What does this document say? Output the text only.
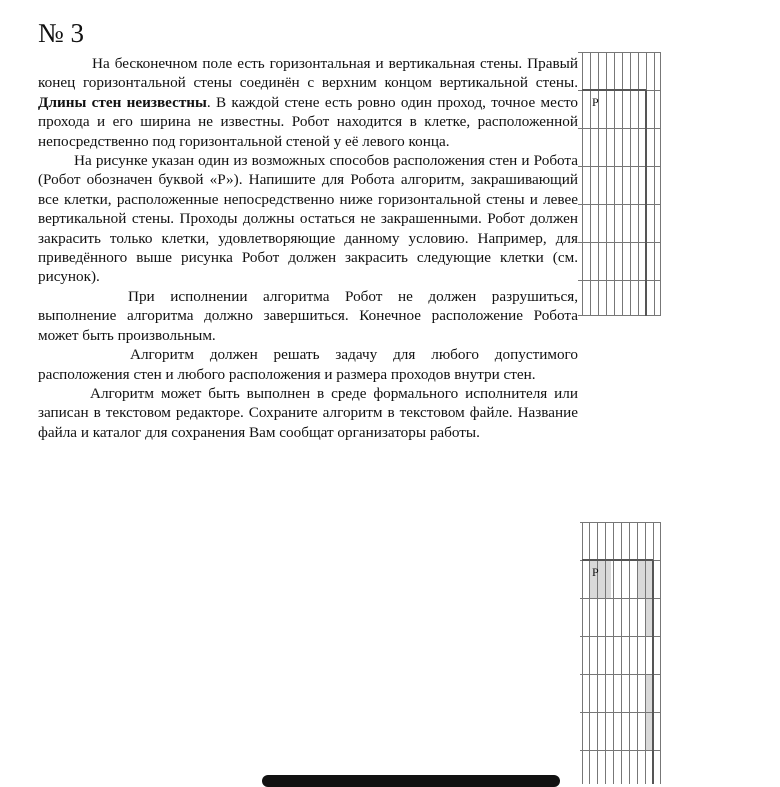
№ 3

На бесконечном поле есть горизонтальная и вертикальная стены. Правый конец горизонтальной стены соединён с верхним концом вертикальной стены. Длины стен неизвестны. В каждой стене есть ровно один проход, точное место прохода и его ширина не известны. Робот находится в клетке, расположенной непосредственно под горизонтальной стеной у её левого конца.

На рисунке указан один из возможных способов расположения стен и Робота (Робот обозначен буквой «Р»). Напишите для Робота алгоритм, закрашивающий все клетки, расположенные непосредственно ниже горизонтальной стены и левее вертикальной стены. Проходы должны остаться не закрашенными. Робот должен закрасить только клетки, удовлетворяющие данному условию. Например, для приведённого выше рисунка Робот должен закрасить следующие клетки (см. рисунок).

При исполнении алгоритма Робот не должен разрушиться, выполнение алгоритма должно завершиться. Конечное расположение Робота может быть произвольным.

Алгоритм должен решать задачу для любого допустимого расположения стен и любого расположения и размера проходов внутри стен.

Алгоритм может быть выполнен в среде формального исполнителя или записан в текстовом редакторе. Сохраните алгоритм в текстовом файле. Название файла и каталог для сохранения Вам сообщат организаторы работы.

Р
Р
